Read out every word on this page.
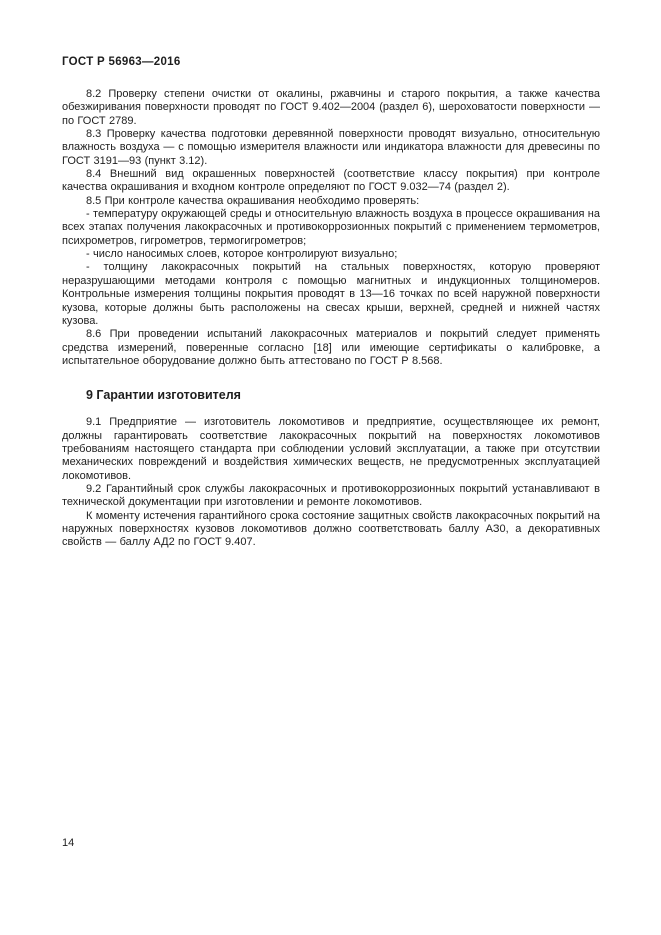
ГОСТ Р 56963—2016

8.2 Проверку степени очистки от окалины, ржавчины и старого покрытия, а также качества обезжиривания поверхности проводят по ГОСТ 9.402—2004 (раздел 6), шероховатости поверхности — по ГОСТ 2789.

8.3 Проверку качества подготовки деревянной поверхности проводят визуально, относительную влажность воздуха — с помощью измерителя влажности или индикатора влажности для древесины по ГОСТ 3191—93 (пункт 3.12).

8.4 Внешний вид окрашенных поверхностей (соответствие классу покрытия) при контроле качества окрашивания и входном контроле определяют по ГОСТ 9.032—74 (раздел 2).

8.5 При контроле качества окрашивания необходимо проверять:

- температуру окружающей среды и относительную влажность воздуха в процессе окрашивания на всех этапах получения лакокрасочных и противокоррозионных покрытий с применением термометров, психрометров, гигрометров, термогигрометров;

- число наносимых слоев, которое контролируют визуально;

- толщину лакокрасочных покрытий на стальных поверхностях, которую проверяют неразрушающими методами контроля с помощью магнитных и индукционных толщиномеров. Контрольные измерения толщины покрытия проводят в 13—16 точках по всей наружной поверхности кузова, которые должны быть расположены на свесах крыши, верхней, средней и нижней частях кузова.

8.6 При проведении испытаний лакокрасочных материалов и покрытий следует применять средства измерений, поверенные согласно [18] или имеющие сертификаты о калибровке, а испытательное оборудование должно быть аттестовано по ГОСТ Р 8.568.

9 Гарантии изготовителя

9.1 Предприятие — изготовитель локомотивов и предприятие, осуществляющее их ремонт, должны гарантировать соответствие лакокрасочных покрытий на поверхностях локомотивов требованиям настоящего стандарта при соблюдении условий эксплуатации, а также при отсутствии механических повреждений и воздействия химических веществ, не предусмотренных эксплуатацией локомотивов.

9.2 Гарантийный срок службы лакокрасочных и противокоррозионных покрытий устанавливают в технической документации при изготовлении и ремонте локомотивов.

К моменту истечения гарантийного срока состояние защитных свойств лакокрасочных покрытий на наружных поверхностях кузовов локомотивов должно соответствовать баллу АЗ0, а декоративных свойств — баллу АД2 по ГОСТ 9.407.

14
